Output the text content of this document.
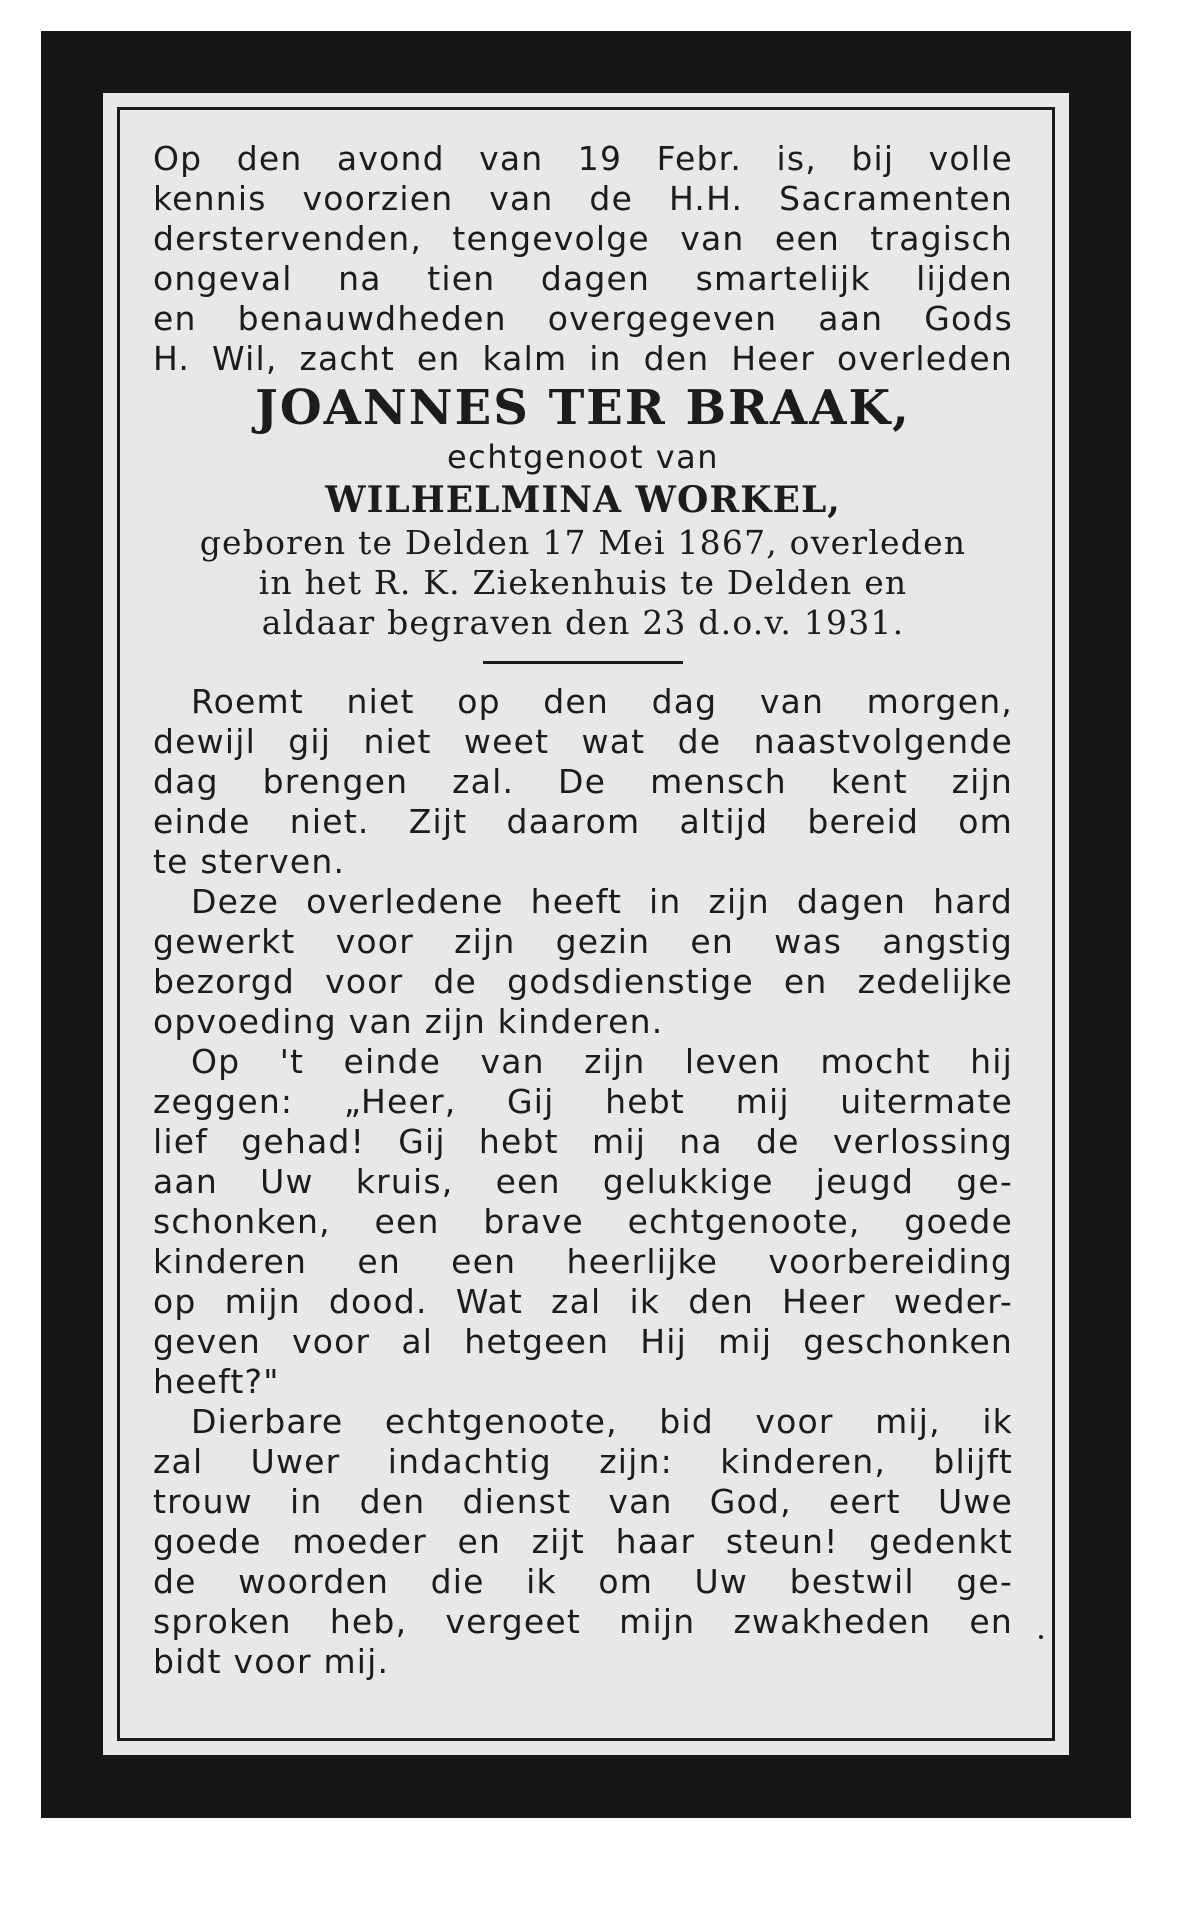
Op den avond van 19 Febr. is, bij volle
kennis voorzien van de H.H. Sacramenten
derstervenden, tengevolge van een tragisch
ongeval na tien dagen smartelijk lijden
en benauwdheden overgegeven aan Gods
H. Wil, zacht en kalm in den Heer overleden

JOANNES TER BRAAK,

echtgenoot van

WILHELMINA WORKEL,

geboren te Delden 17 Mei 1867, overleden
in het R. K. Ziekenhuis te Delden en
aldaar begraven den 23 d.o.v. 1931.

Roemt niet op den dag van morgen,
dewijl gij niet weet wat de naastvolgende
dag brengen zal. De mensch kent zijn
einde niet. Zijt daarom altijd bereid om
te sterven.

Deze overledene heeft in zijn dagen hard
gewerkt voor zijn gezin en was angstig
bezorgd voor de godsdienstige en zedelijke
opvoeding van zijn kinderen.

Op 't einde van zijn leven mocht hij
zeggen: „Heer, Gij hebt mij uitermate
lief gehad! Gij hebt mij na de verlossing
aan Uw kruis, een gelukkige jeugd ge-
schonken, een brave echtgenoote, goede
kinderen en een heerlijke voorbereiding
op mijn dood. Wat zal ik den Heer weder-
geven voor al hetgeen Hij mij geschonken
heeft?"

Dierbare echtgenoote, bid voor mij, ik
zal Uwer indachtig zijn: kinderen, blijft
trouw in den dienst van God, eert Uwe
goede moeder en zijt haar steun! gedenkt
de woorden die ik om Uw bestwil ge-
sproken heb, vergeet mijn zwakheden en
bidt voor mij.
